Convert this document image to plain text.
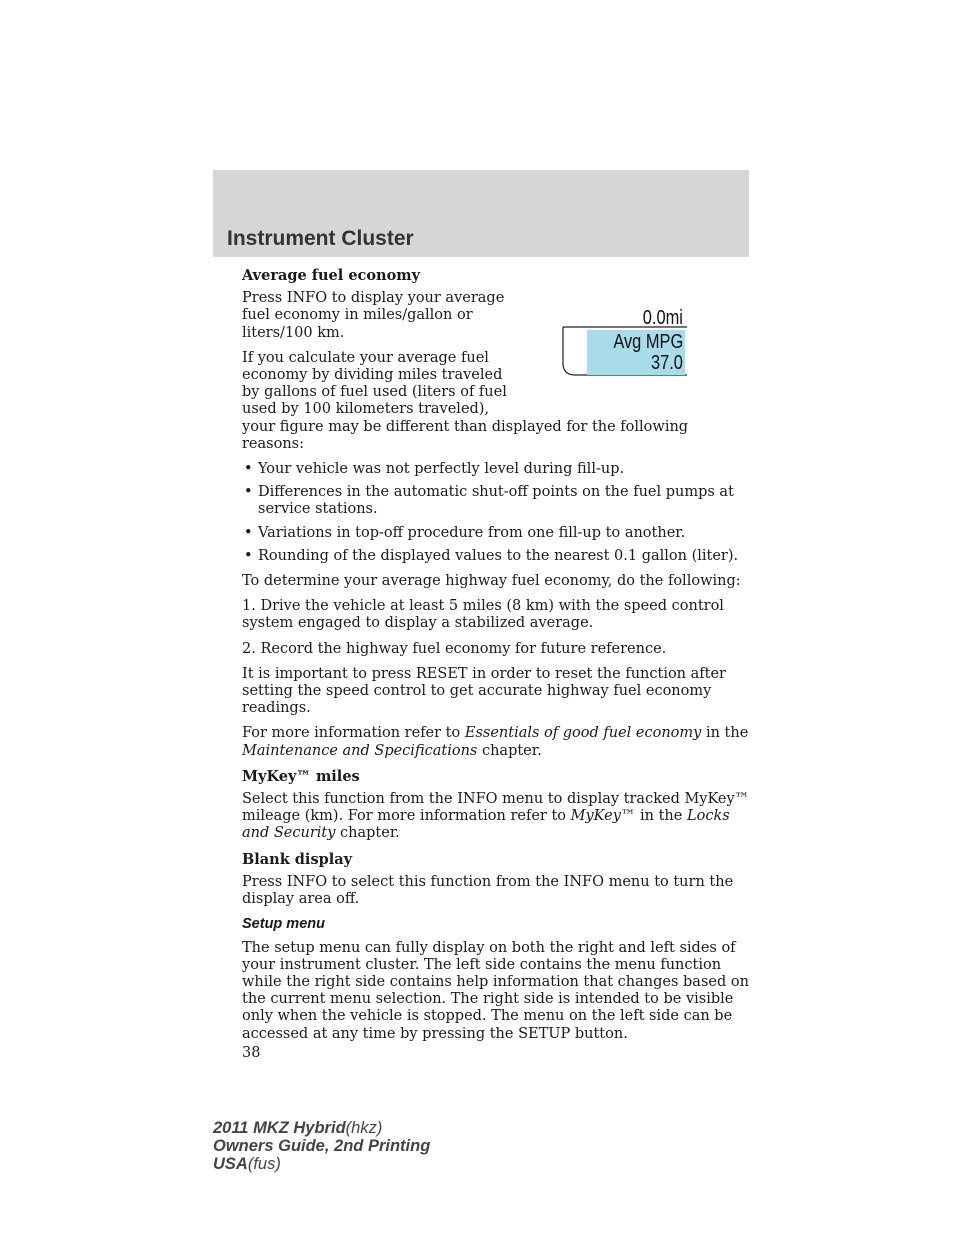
Instrument Cluster
0.0mi
Avg MPG
37.0
Average fuel economy

Press INFO to display your average fuel economy in miles/gallon or liters/100 km.

If you calculate your average fuel economy by dividing miles traveled by gallons of fuel used (liters of fuel used by 100 kilometers traveled),

your figure may be different than displayed for the following reasons:

• Your vehicle was not perfectly level during fill-up.
• Differences in the automatic shut-off points on the fuel pumps at service stations.
• Variations in top-off procedure from one fill-up to another.
• Rounding of the displayed values to the nearest 0.1 gallon (liter).

To determine your average highway fuel economy, do the following:

1. Drive the vehicle at least 5 miles (8 km) with the speed control system engaged to display a stabilized average.

2. Record the highway fuel economy for future reference.

It is important to press RESET in order to reset the function after setting the speed control to get accurate highway fuel economy readings.

For more information refer to Essentials of good fuel economy in the Maintenance and Specifications chapter.

MyKey™ miles

Select this function from the INFO menu to display tracked MyKey™ mileage (km). For more information refer to MyKey™ in the Locks and Security chapter.

Blank display

Press INFO to select this function from the INFO menu to turn the display area off.

Setup menu

The setup menu can fully display on both the right and left sides of your instrument cluster. The left side contains the menu function while the right side contains help information that changes based on the current menu selection. The right side is intended to be visible only when the vehicle is stopped. The menu on the left side can be accessed at any time by pressing the SETUP button.

38

2011 MKZ Hybrid(hkz)
Owners Guide, 2nd Printing
USA(fus)
